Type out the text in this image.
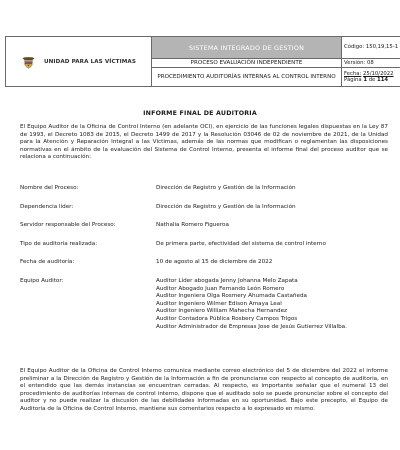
UNIDAD PARA LAS VÍCTIMAS	SISTEMA INTEGRADO DE GESTION	Código: 150,19,15-1
	PROCESO EVALUACIÓN INDEPENDIENTE	Versión: 08
	PROCEDIMIENTO AUDITORÍAS INTERNAS AL CONTROL INTERNO	Fecha: 25/10/2022
Página 1 de 114
INFORME FINAL DE AUDITORIA
El Equipo Auditor de la Oficina de Control Interno (en adelante OCI), en ejercicio de las funciones legales dispuestas en la Ley 87 de 1993, el Decreto 1083 de 2015, el Decreto 1499 de 2017 y la Resolución 03046 de 02 de noviembre de 2021, de la Unidad para la Atención y Reparación Integral a las Víctimas, además de las normas que modifican o reglamentan las disposiciones normativas en el ámbito de la evaluación del Sistema de Control Interno, presenta el informe final del proceso auditor que se relaciona a continuación:
Nombre del Proceso:	Dirección de Registro y Gestión de la Información
Dependencia líder:	Dirección de Registro y Gestión de la Información
Servidor responsable del Proceso:	Nathalia Romero Figueroa
Tipo de auditoria realizada:	De primera parte, efectividad del sistema de control interno
Fecha de auditoría:	10 de agosto al 15 de diciembre de 2022
Equipo Auditor:	Auditor Líder abogada Jenny Johanna Melo Zapata
Auditor Abogado Juan Fernando León Romero
Auditor Ingeniera Olga Rosmery Ahumada Castañeda
Auditor Ingeniero Wilmer Edison Amaya Leal
Auditor Ingeniero William Mahecha Hernandez
Auditor Contadora Pública Rosbery Campos Trigos
Auditor Administrador de Empresas Jose de Jesús Gutierrez Villalba.
El Equipo Auditor de la Oficina de Control Interno comunica mediante correo electrónico del 5 de diciembre del 2022 el informe preliminar a la Dirección de Registro y Gestión de la Información a fin de pronunciarse con respecto al concepto de auditoria, en el entendido que las demás instancias se encuentran cerradas. Al respecto, es importante señalar que el numeral 13 del procedimiento de auditorías internas de control interno, dispone que el auditado solo se puede pronunciar sobre el concepto del auditor y no puede realizar la discusión de las debilidades informadas en su oportunidad. Bajo este precepto, el Equipo de Auditoría de la Oficina de Control Interno, mantiene sus comentarios respecto a lo expresado en mismo.
